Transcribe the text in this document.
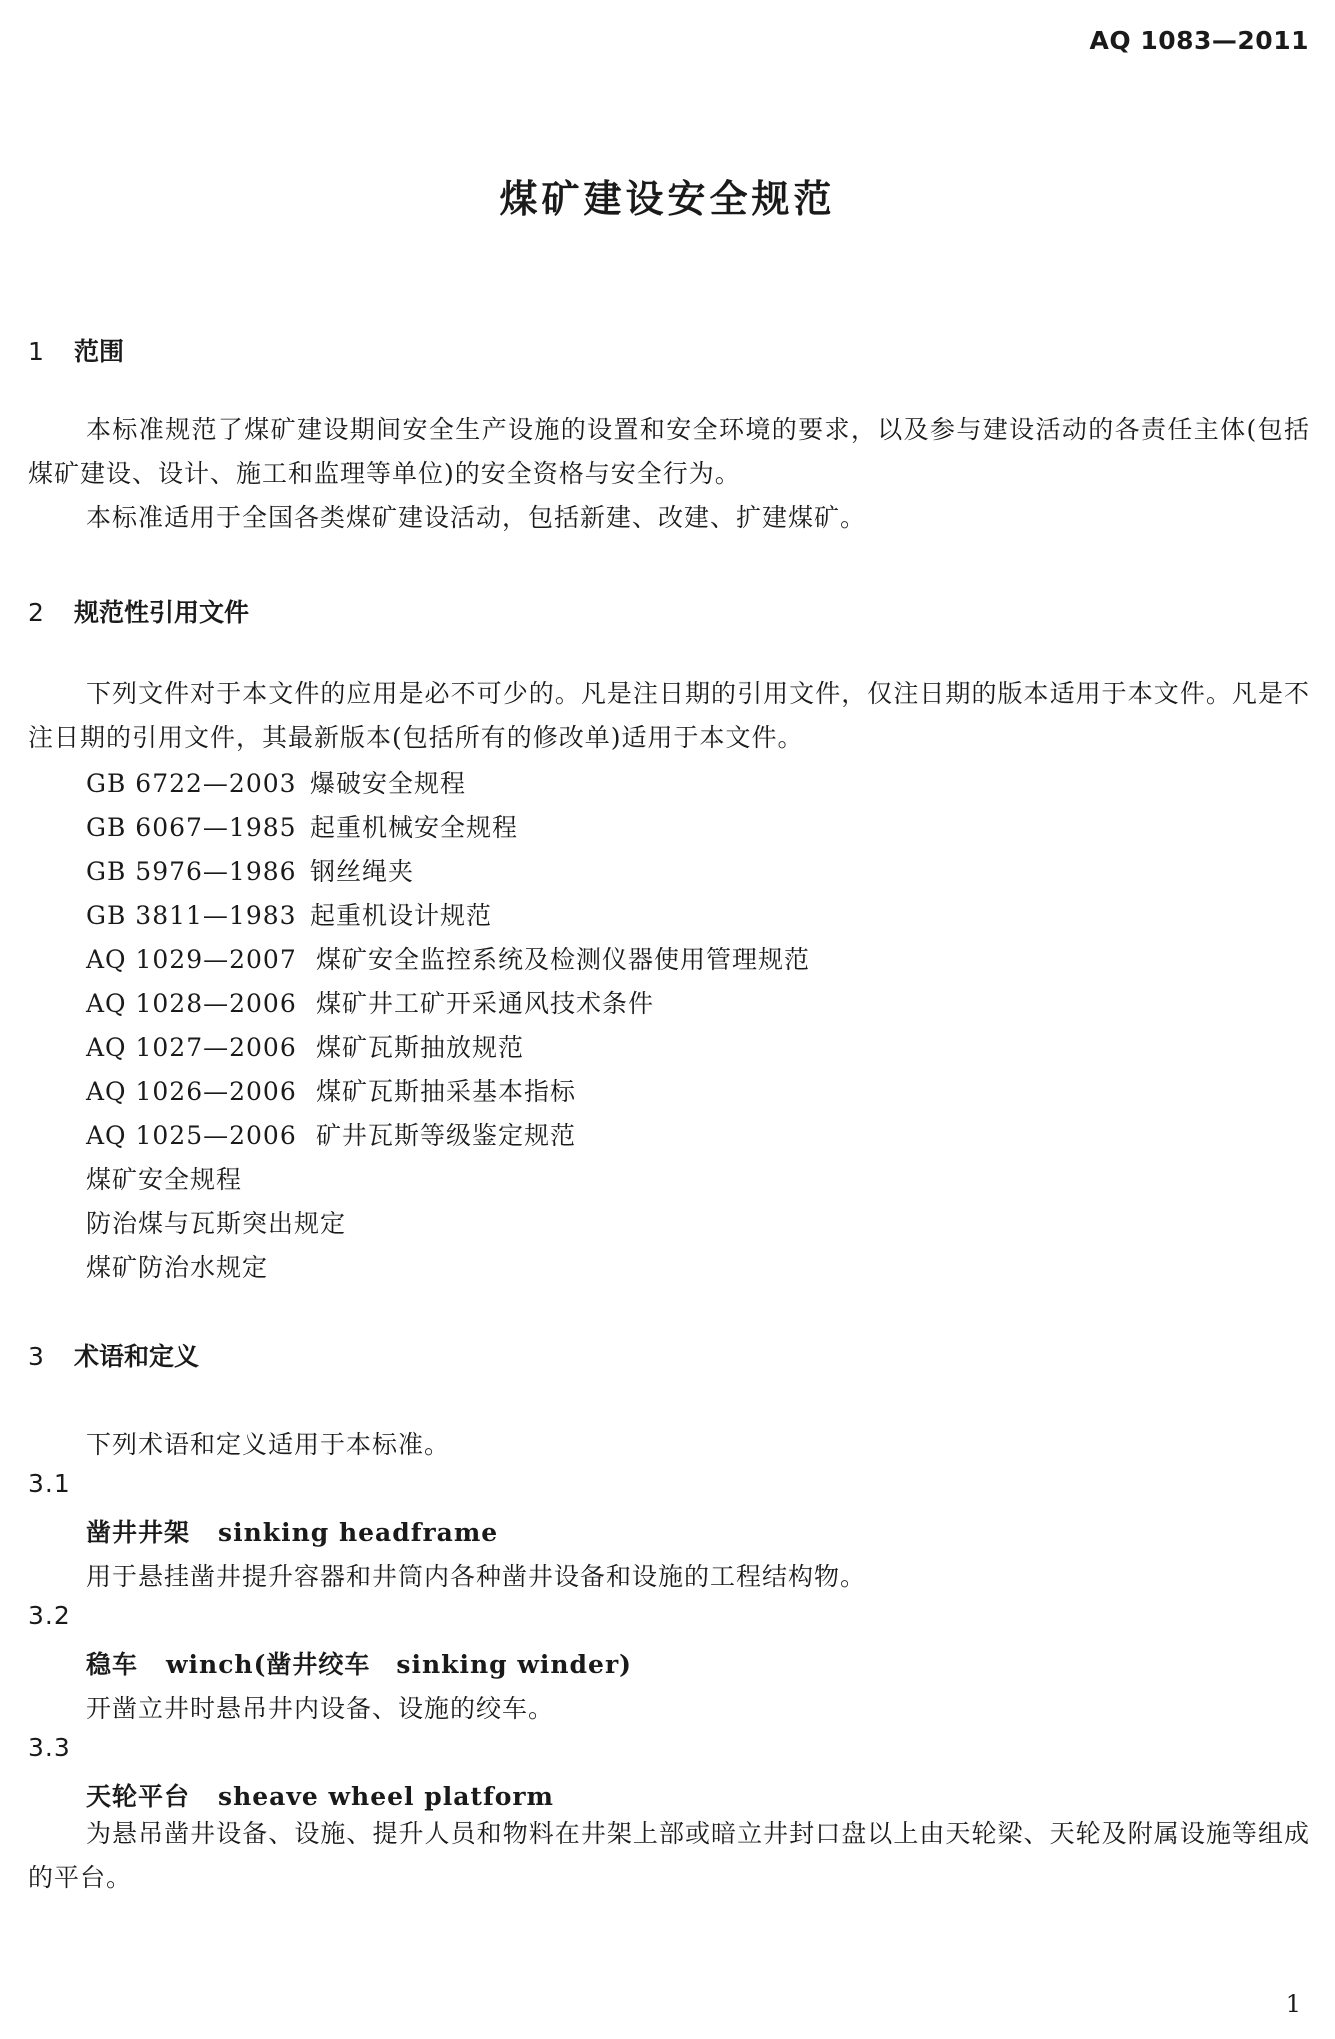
AQ 1083—2011
煤矿建设安全规范
1 范围
本标准规范了煤矿建设期间安全生产设施的设置和安全环境的要求，以及参与建设活动的各责任主体(包括煤矿建设、设计、施工和监理等单位)的安全资格与安全行为。
本标准适用于全国各类煤矿建设活动，包括新建、改建、扩建煤矿。
2 规范性引用文件
下列文件对于本文件的应用是必不可少的。凡是注日期的引用文件，仅注日期的版本适用于本文件。凡是不注日期的引用文件，其最新版本(包括所有的修改单)适用于本文件。
GB 6722—2003 爆破安全规程
GB 6067—1985 起重机械安全规程
GB 5976—1986 钢丝绳夹
GB 3811—1983 起重机设计规范
AQ 1029—2007 煤矿安全监控系统及检测仪器使用管理规范
AQ 1028—2006 煤矿井工矿开采通风技术条件
AQ 1027—2006 煤矿瓦斯抽放规范
AQ 1026—2006 煤矿瓦斯抽采基本指标
AQ 1025—2006 矿井瓦斯等级鉴定规范
煤矿安全规程
防治煤与瓦斯突出规定
煤矿防治水规定
3 术语和定义
下列术语和定义适用于本标准。
3.1
凿井井架 sinking headframe
用于悬挂凿井提升容器和井筒内各种凿井设备和设施的工程结构物。
3.2
稳车 winch(凿井绞车　sinking winder)
开凿立井时悬吊井内设备、设施的绞车。
3.3
天轮平台 sheave wheel platform
为悬吊凿井设备、设施、提升人员和物料在井架上部或暗立井封口盘以上由天轮梁、天轮及附属设施等组成的平台。
1
